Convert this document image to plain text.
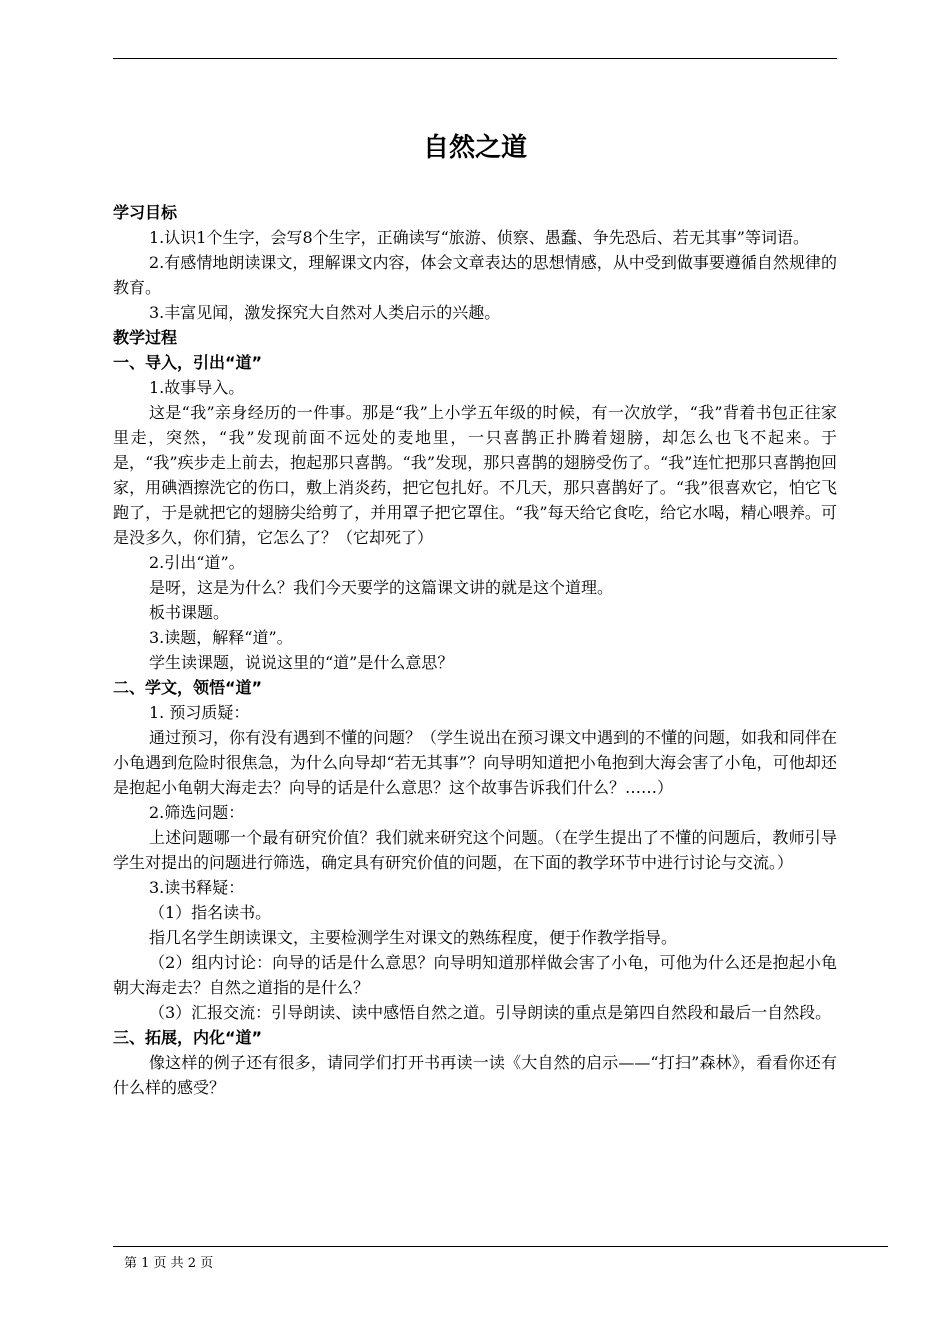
自然之道

学习目标

1.认识1个生字，会写8个生字，正确读写“旅游、侦察、愚蠢、争先恐后、若无其事”等词语。

2.有感情地朗读课文，理解课文内容，体会文章表达的思想情感，从中受到做事要遵循自然规律的教育。

3.丰富见闻，激发探究大自然对人类启示的兴趣。

教学过程

一、导入，引出“道”

1.故事导入。

这是“我”亲身经历的一件事。那是“我”上小学五年级的时候，有一次放学，“我”背着书包正往家里走，突然，“我”发现前面不远处的麦地里，一只喜鹊正扑腾着翅膀，却怎么也飞不起来。于是，“我”疾步走上前去，抱起那只喜鹊。“我”发现，那只喜鹊的翅膀受伤了。“我”连忙把那只喜鹊抱回家，用碘酒擦洗它的伤口，敷上消炎药，把它包扎好。不几天，那只喜鹊好了。“我”很喜欢它，怕它飞跑了，于是就把它的翅膀尖给剪了，并用罩子把它罩住。“我”每天给它食吃，给它水喝，精心喂养。可是没多久，你们猜，它怎么了？（它却死了）

2.引出“道”。

是呀，这是为什么？我们今天要学的这篇课文讲的就是这个道理。

板书课题。

3.读题，解释“道”。

学生读课题，说说这里的“道”是什么意思？

二、学文，领悟“道”

1. 预习质疑：

通过预习，你有没有遇到不懂的问题？（学生说出在预习课文中遇到的不懂的问题，如我和同伴在小龟遇到危险时很焦急，为什么向导却“若无其事”？向导明知道把小龟抱到大海会害了小龟，可他却还是抱起小龟朝大海走去？向导的话是什么意思？这个故事告诉我们什么？……）

2.筛选问题：

上述问题哪一个最有研究价值？我们就来研究这个问题。（在学生提出了不懂的问题后，教师引导学生对提出的问题进行筛选，确定具有研究价值的问题，在下面的教学环节中进行讨论与交流。）

3.读书释疑：

（1）指名读书。

指几名学生朗读课文，主要检测学生对课文的熟练程度，便于作教学指导。

（2）组内讨论：向导的话是什么意思？向导明知道那样做会害了小龟，可他为什么还是抱起小龟朝大海走去？自然之道指的是什么？

（3）汇报交流：引导朗读、读中感悟自然之道。引导朗读的重点是第四自然段和最后一自然段。

三、拓展，内化“道”

像这样的例子还有很多，请同学们打开书再读一读《大自然的启示——“打扫”森林》，看看你还有什么样的感受？

第 1 页 共 2 页
